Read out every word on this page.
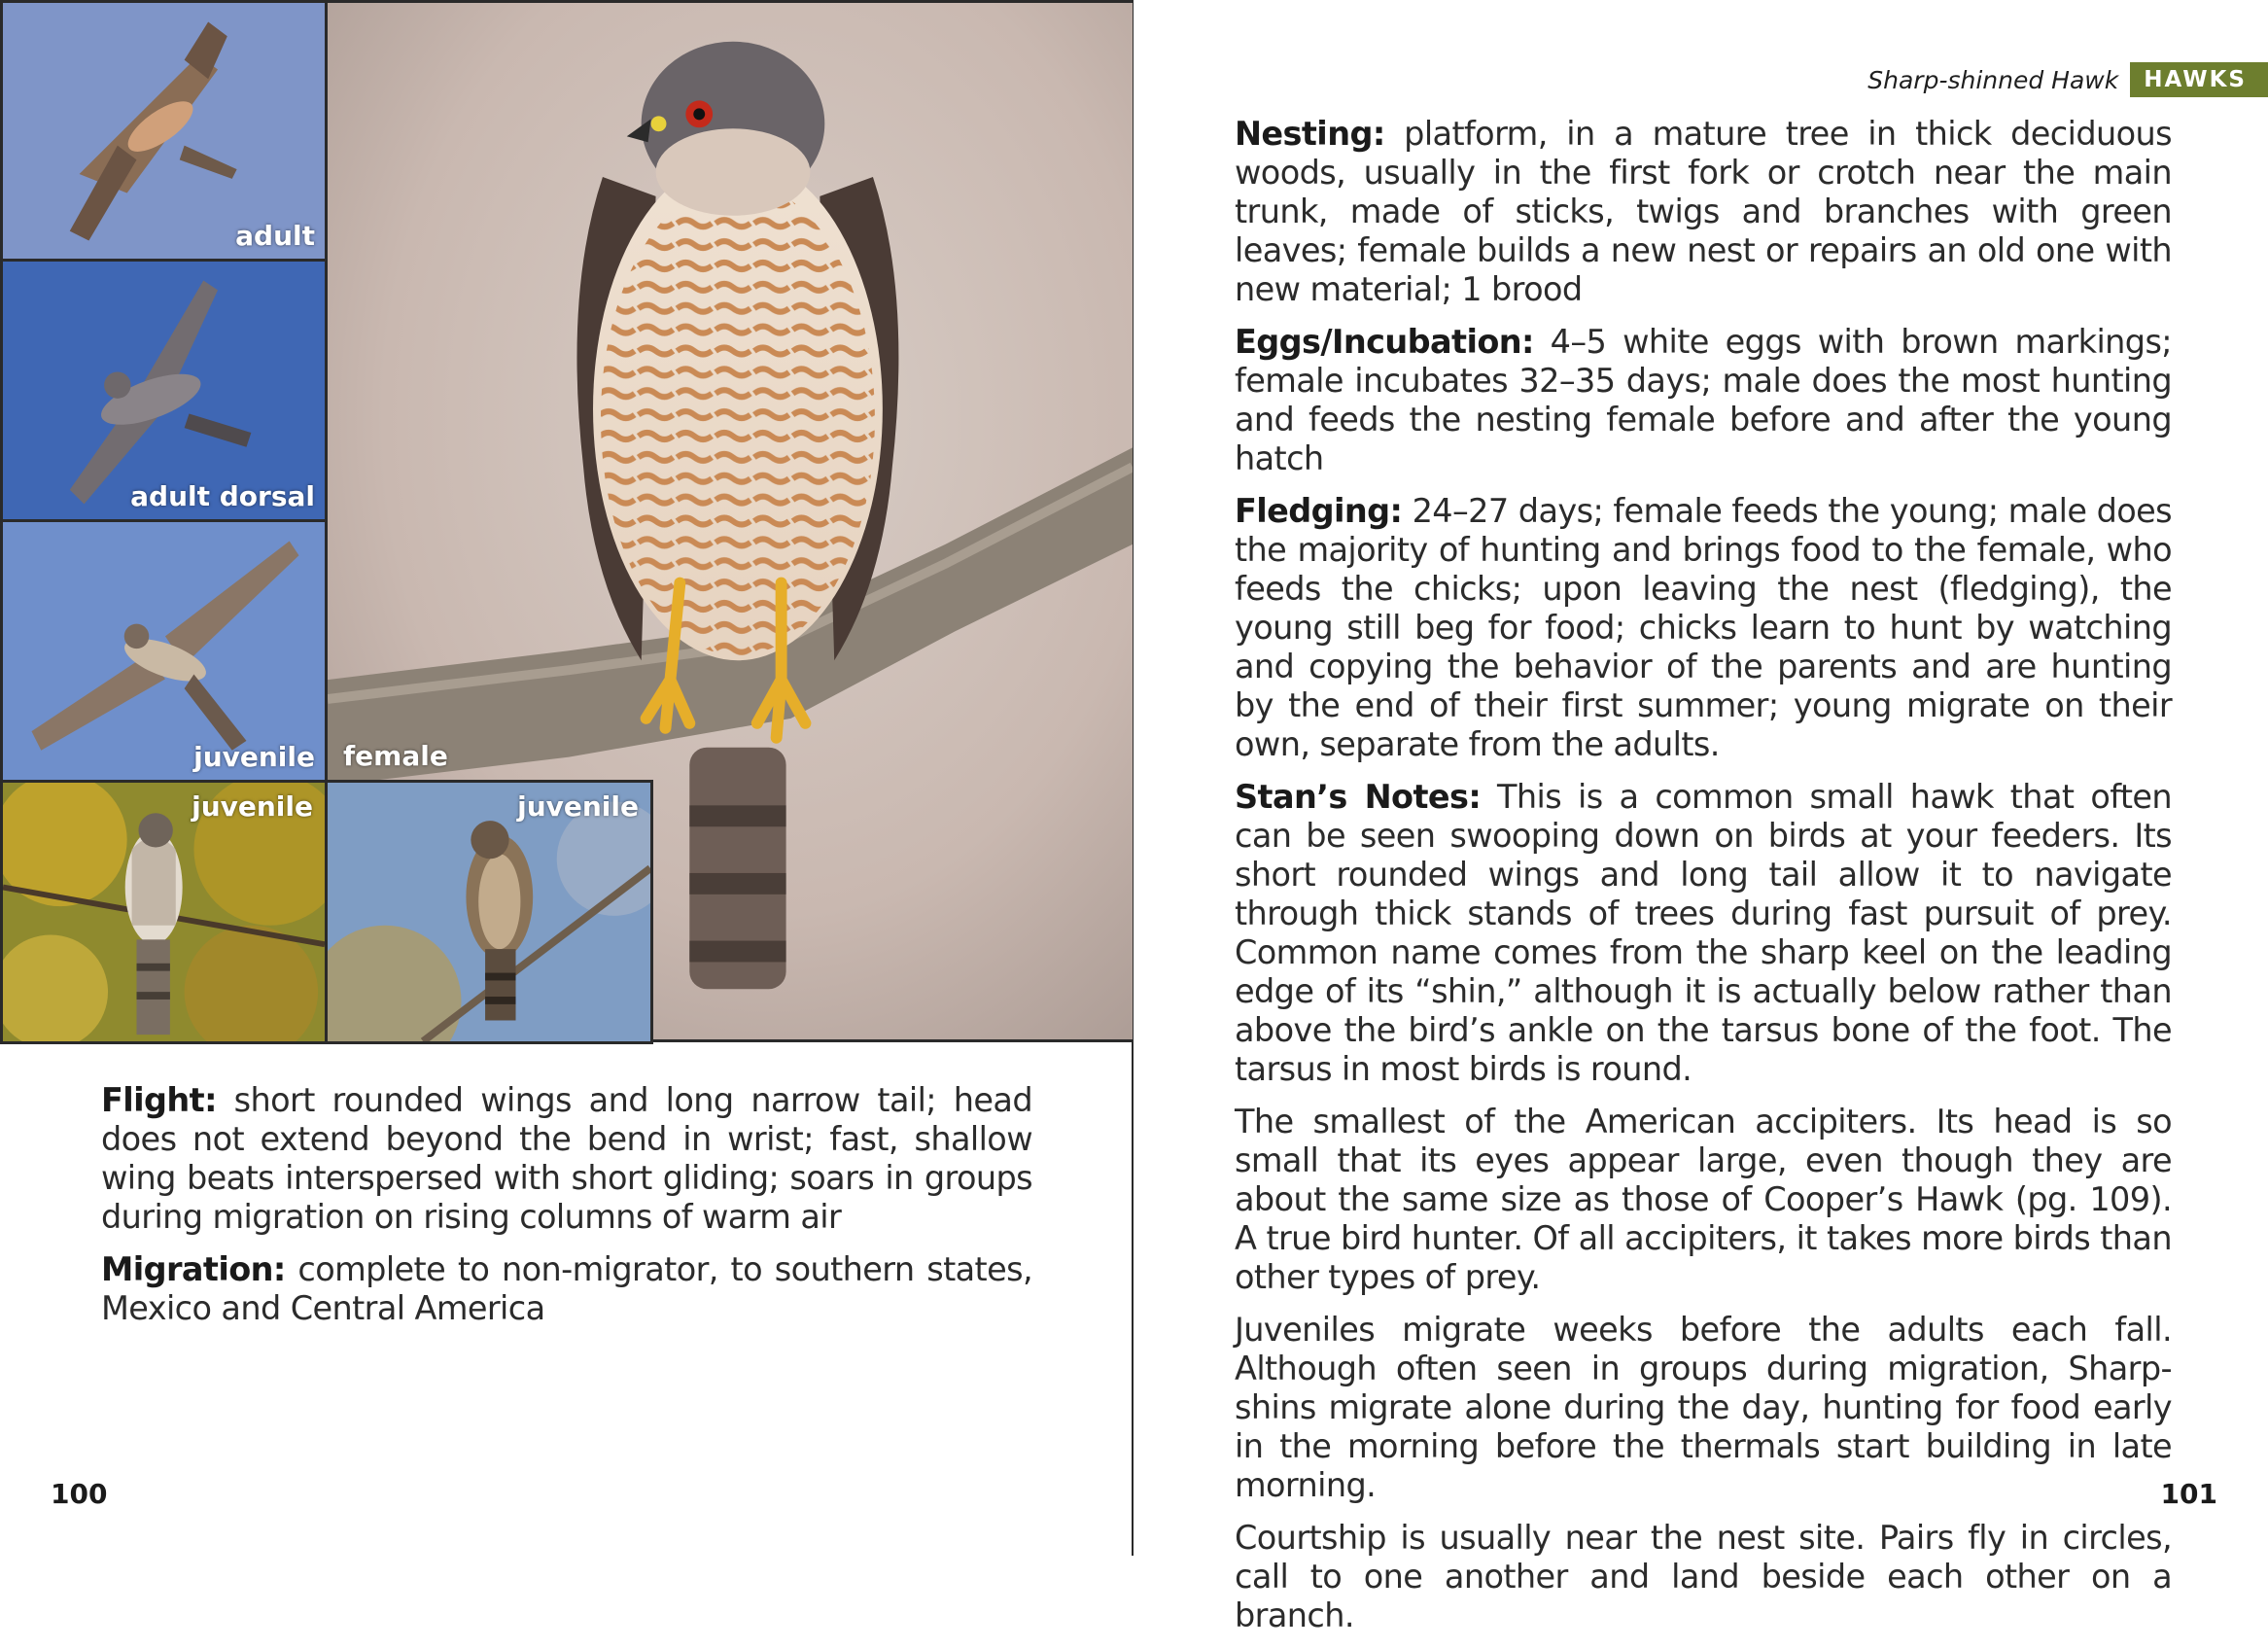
female
adult
adult dorsal
juvenile
juvenile	juvenile

Flight: short rounded wings and long narrow tail; head does not extend beyond the bend in wrist; fast, shallow wing beats interspersed with short gliding; soars in groups during migration on rising columns of warm air

Migration: complete to non-migrator, to southern states, Mexico and Central America

100
Sharp-shinned Hawk	HAWKS

Nesting: platform, in a mature tree in thick deciduous woods, usually in the first fork or crotch near the main trunk, made of sticks, twigs and branches with green leaves; female builds a new nest or repairs an old one with new material; 1 brood

Eggs/Incubation: 4–5 white eggs with brown markings; female incubates 32–35 days; male does the most hunting and feeds the nesting female before and after the young hatch

Fledging: 24–27 days; female feeds the young; male does the majority of hunting and brings food to the female, who feeds the chicks; upon leaving the nest (fledging), the young still beg for food; chicks learn to hunt by watching and copying the behavior of the parents and are hunting by the end of their first summer; young migrate on their own, separate from the adults.

Stan’s Notes: This is a common small hawk that often can be seen swooping down on birds at your feeders. Its short rounded wings and long tail allow it to navigate through thick stands of trees during fast pursuit of prey. Common name comes from the sharp keel on the leading edge of its “shin,” although it is actually below rather than above the bird’s ankle on the tarsus bone of the foot. The tarsus in most birds is round.

The smallest of the American accipiters. Its head is so small that its eyes appear large, even though they are about the same size as those of Cooper’s Hawk (pg. 109). A true bird hunter. Of all accipiters, it takes more birds than other types of prey.

Juveniles migrate weeks before the adults each fall. Although often seen in groups during migration, Sharp-shins migrate alone during the day, hunting for food early in the morning before the thermals start building in late morning.

Courtship is usually near the nest site. Pairs fly in circles, call to one another and land beside each other on a branch.

101
